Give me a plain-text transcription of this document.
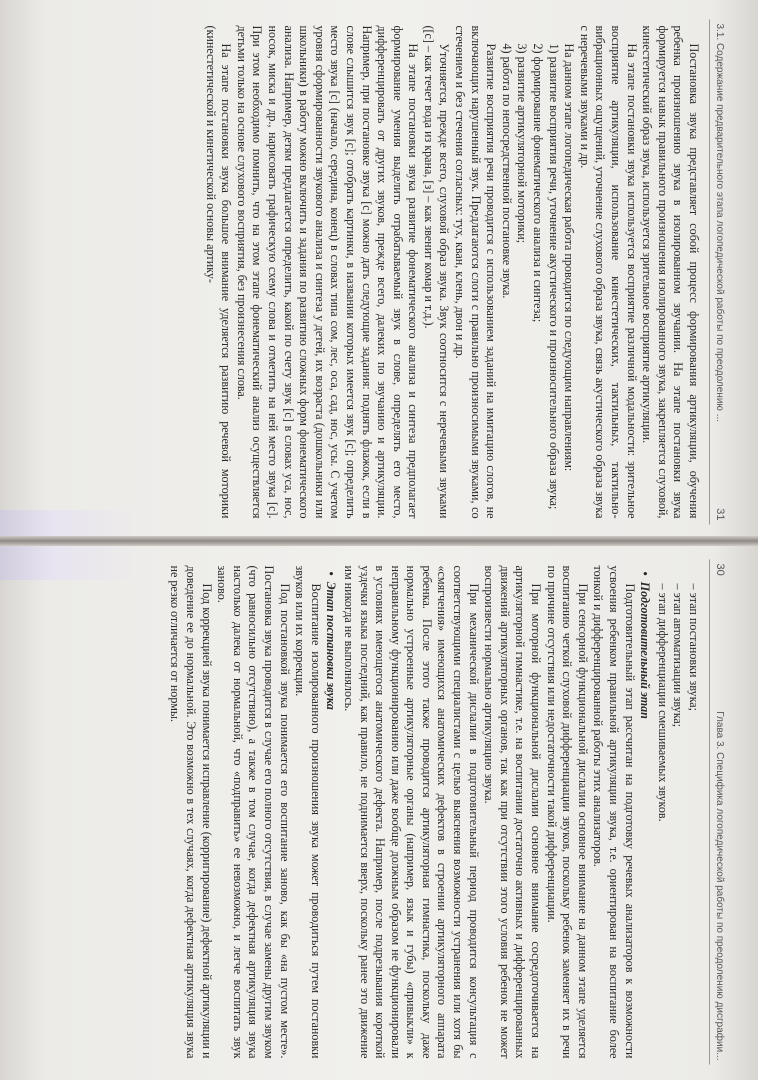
3.1. Содержание предварительного этапа логопедической работы по преодолению ...
31

Постановка звука представляет собой процесс формирования артикуляции, обучения ребенка произношению звука в изолированном звучании. На этапе постановки звука формируется навык правильного произношения изолированного звука, закрепляется слуховой, кинестетический образ звука, используется зрительное восприятие артикуляции.

На этапе постановки звука используется восприятие различной модальности: зрительное восприятие артикуляции, использование кинестетических, тактильных, тактильно-вибрационных ощущений, уточнение слухового образа звука, связь акустического образа звука с неречевыми звуками и др.

На данном этапе логопедическая работа проводится по следующим направлениям:

1) развитие восприятия речи, уточнение акустического и произносительного образа звука;

2) формирование фонематического анализа и синтеза;

3) развитие артикуляторной моторики;

4) работа по непосредственной постановке звука.

Развитие восприятия речи проводится с использованием заданий на имитацию слогов, не включающих нарушенный звук. Предлагаются слоги с правильно произносимыми звуками, со стечением и без стечения согласных: тух, кван, клень, двон и др.

Уточняется, прежде всего, слуховой образ звука. Звук соотносится с неречевыми звуками ([с] – как течет вода из крана, [з] – как звенит комар и т.д.).

На этапе постановки звука развитие фонематического анализа и синтеза предполагает формирование умения выделить отрабатываемый звук в слове, определять его место, дифференцировать от других звуков, прежде всего, далеких по звучанию и артикуляции. Например, при постановке звука [с] можно дать следующие задания: поднять флажок, если в слове слышится звук [с]; отобрать картинки, в названии которых имеется звук [с]; определить место звука [с] (начало, середина, конец) в словах типа сом, лес, оса, сад, нос, усы. С учетом уровня сформированности звукового анализа и синтеза у детей, их возраста (дошкольники или школьники) в работу можно включить и задания по развитию сложных форм фонематического анализа. Например, детям предлагается определить, какой по счету звук [с] в словах уса, нос, носок, миска и др., нарисовать графическую схему слова и отметить на ней место звука [с]. При этом необходимо помнить, что на этом этапе фонематический анализ осуществляется детьми только на основе слухового восприятия, без произнесения слова.

На этапе постановки звука большое внимание уделяется развитию речевой моторики (кинестетической и кинетической основы артику-

30
Глава 3. Специфика логопедической работы по преодолению дисграфии...

– этап постановки звука;

– этап автоматизации звука;

– этап дифференциации смешиваемых звуков.

•Подготовительный этап

Подготовительный этап рассчитан на подготовку речевых анализаторов к возможности усвоения ребенком правильной артикуляции звука, т.е. ориентирован на воспитание более тонкой и дифференцированной работы этих анализаторов.

При сенсорной функциональной дислалии основное внимание на данном этапе уделяется воспитанию четкой слуховой дифференциации звуков, поскольку ребенок заменяет их в речи по причине отсутствия или недостаточности такой дифференциации.

При моторной функциональной дислалии основное внимание сосредоточивается на артикуляторной гимнастике, т.е. на воспитании достаточно активных и дифференцированных движений артикуляторных органов, так как при отсутствии этого условия ребенок не может воспроизвести нормально артикуляцию звука.

При механической дислалии в подготовительный период проводится консультация с соответствующими специалистами с целью выяснения возможности устранения или хотя бы «смягчения» имеющихся анатомических дефектов в строении артикуляторного аппарата ребенка. После этого также проводится артикуляторная гимнастика, поскольку даже нормально устроенные артикуляторные органы (например, язык и губы) «привыкли» к неправильному функционированию или даже вообще должным образом не функционировали в условиях имеющегося анатомического дефекта. Например, после подрезывания короткой уздечки языка последний, как правило, не поднимается вверх, поскольку ранее это движение им никогда не выполнялось.

•Этап постановки звука

Воспитание изолированного произношения звука может проводиться путем постановки звуков или их коррекции.

Под постановкой звука понимается его воспитание заново, как бы «на пустом месте». Постановка звука проводится в случае его полного отсутствия, в случае замены другим звуком (что равносильно отсутствию), а также в том случае, когда дефектная артикуляция звука настолько далека от нормальной, что «подправить» ее невозможно, и легче воспитать звук заново.

Под коррекцией звука понимается исправление (корригирование) дефектной артикуляции и доведение ее до нормальной. Это возможно в тех случаях, когда дефектная артикуляция звука не резко отличается от нормы.
